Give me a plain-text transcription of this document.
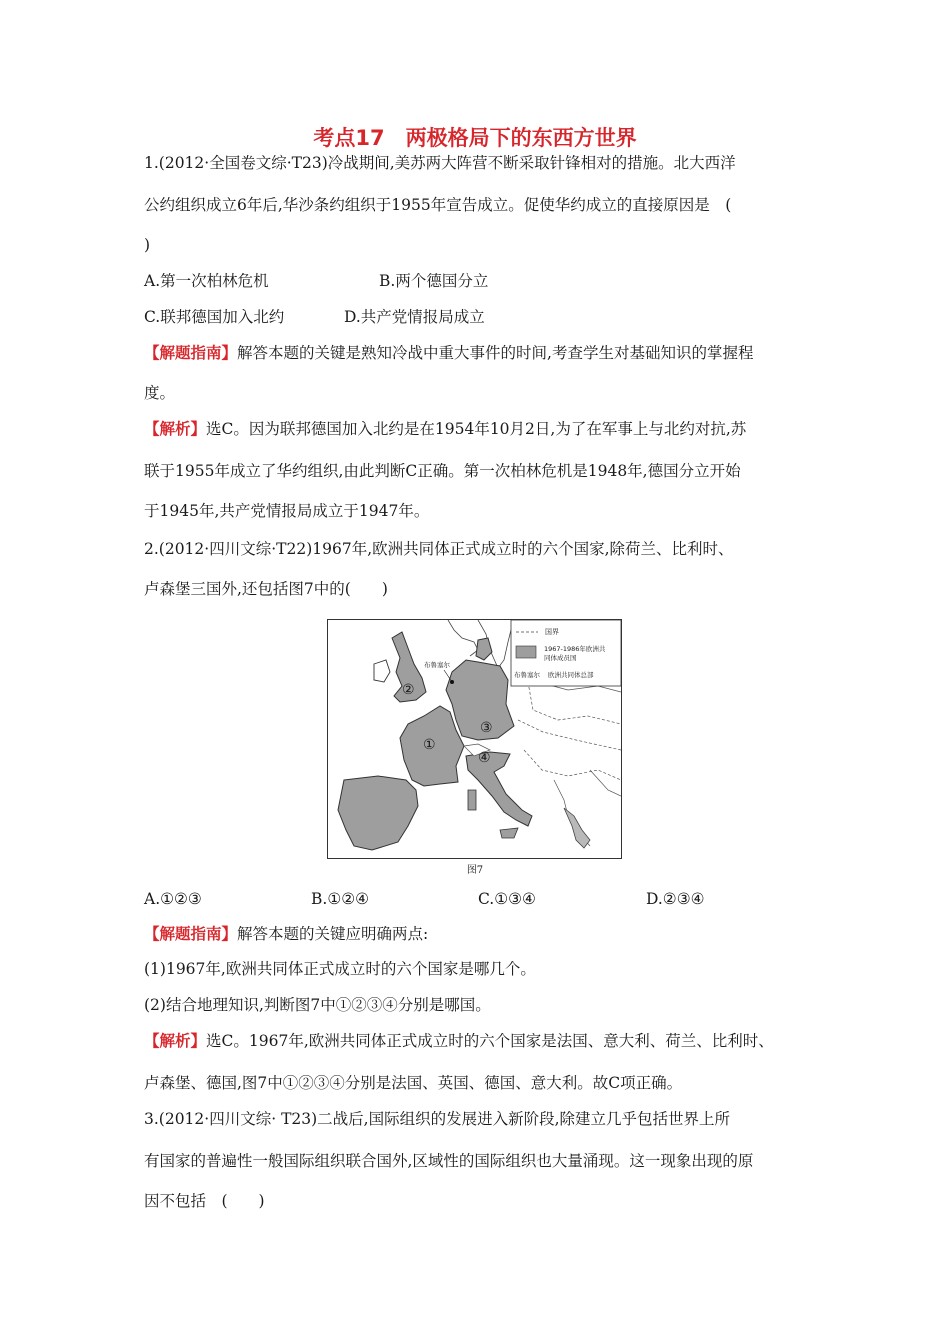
考点17　两极格局下的东西方世界
1.(2012·全国卷文综·T23)冷战期间,美苏两大阵营不断采取针锋相对的措施。北大西洋
公约组织成立6年后,华沙条约组织于1955年宣告成立。促使华约成立的直接原因是　(
)
A.第一次柏林危机	B.两个德国分立
C.联邦德国加入北约	D.共产党情报局成立
【解题指南】解答本题的关键是熟知冷战中重大事件的时间,考查学生对基础知识的掌握程
度。
【解析】选C。因为联邦德国加入北约是在1954年10月2日,为了在军事上与北约对抗,苏
联于1955年成立了华约组织,由此判断C正确。第一次柏林危机是1948年,德国分立开始
于1945年,共产党情报局成立于1947年。
2.(2012·四川文综·T22)1967年,欧洲共同体正式成立时的六个国家,除荷兰、比利时、
卢森堡三国外,还包括图7中的(　　)
国界
1967-1986年欧洲共
同体成员国
布鲁塞尔 欧洲共同体总部
布鲁塞尔
①
②
③
④
图7
A.①②③	B.①②④	C.①③④	D.②③④
【解题指南】解答本题的关键应明确两点:
(1)1967年,欧洲共同体正式成立时的六个国家是哪几个。
(2)结合地理知识,判断图7中①②③④分别是哪国。
【解析】选C。1967年,欧洲共同体正式成立时的六个国家是法国、意大利、荷兰、比利时、
卢森堡、德国,图7中①②③④分别是法国、英国、德国、意大利。故C项正确。
3.(2012·四川文综· T23)二战后,国际组织的发展进入新阶段,除建立几乎包括世界上所
有国家的普遍性一般国际组织联合国外,区域性的国际组织也大量涌现。这一现象出现的原
因不包括　(　　)
